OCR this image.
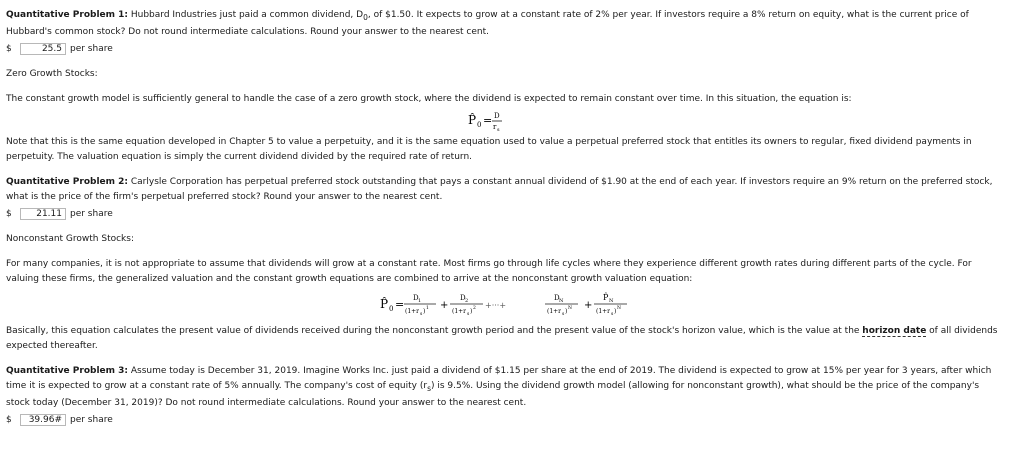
Quantitative Problem 1: Hubbard Industries just paid a common dividend, $D_0$, of $1.50. It expects to grow at a constant rate of 2% per year. If investors require a 8% return on equity, what is the current price of

Hubbard's common stock? Do not round intermediate calculations. Round your answer to the nearest cent.

$
25.5	per share

Zero Growth Stocks:

The constant growth model is sufficiently general to handle the case of a zero growth stock, where the dividend is expected to remain constant over time. In this situation, the equation is:

P̂ 0 = D
r s

Note that this is the same equation developed in Chapter 5 to value a perpetuity, and it is the same equation used to value a perpetual preferred stock that entitles its owners to regular, fixed dividend payments in

perpetuity. The valuation equation is simply the current dividend divided by the required rate of return.

Quantitative Problem 2: Carlysle Corporation has perpetual preferred stock outstanding that pays a constant annual dividend of $1.90 at the end of each year. If investors require an 9% return on the preferred stock,

what is the price of the firm's perpetual preferred stock? Round your answer to the nearest cent.

$
21.11	per share

Nonconstant Growth Stocks:

For many companies, it is not appropriate to assume that dividends will grow at a constant rate. Most firms go through life cycles where they experience different growth rates during different parts of the cycle. For

valuing these firms, the generalized valuation and the constant growth equations are combined to arrive at the nonconstant growth valuation equation:

P̂ 0 = D 1
(1+r s ) 1 +
D 2
(1+r s ) 2 +···+
D N
(1+r s ) N +
P̂ N
(1+r s ) N

Basically, this equation calculates the present value of dividends received during the nonconstant growth period and the present value of the stock's horizon value, which is the value at the horizon date of all dividends

expected thereafter.

Quantitative Problem 3: Assume today is December 31, 2019. Imagine Works Inc. just paid a dividend of $1.15 per share at the end of 2019. The dividend is expected to grow at 15% per year for 3 years, after which

time it is expected to grow at a constant rate of 5% annually. The company's cost of equity $(r_s)$ is 9.5%. Using the dividend growth model (allowing for nonconstant growth), what should be the price of the company's

stock today (December 31, 2019)? Do not round intermediate calculations. Round your answer to the nearest cent.

$
39.96#	per share
